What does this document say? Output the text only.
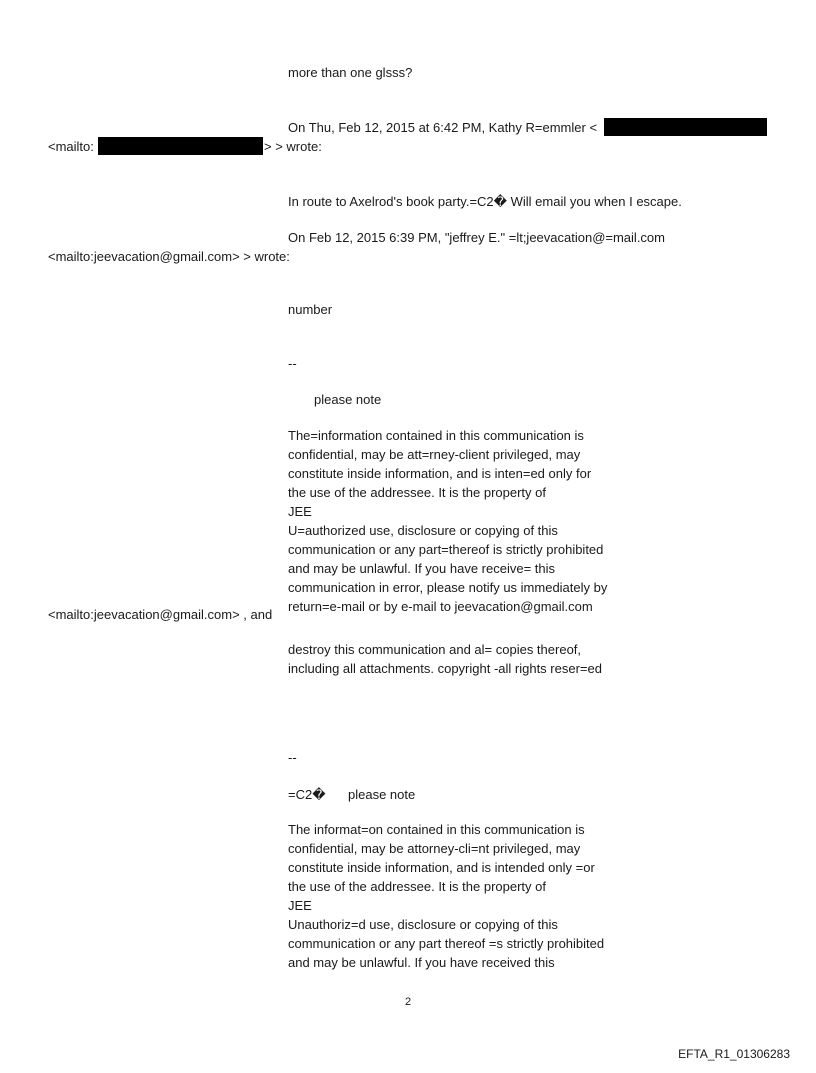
more than one glsss?

On Thu, Feb 12, 2015 at 6:42 PM, Kathy R=emmler <

<mailto:	> > wrote:

In route to Axelrod's book party.=C2� Will email you when I escape.

On Feb 12, 2015 6:39 PM, "jeffrey E." =lt;jeevacation@=mail.com

<mailto:jeevacation@gmail.com> > wrote:

number

--

please note

The=information contained in this communication is
confidential, may be att=rney-client privileged, may
constitute inside information, and is inten=ed only for
the use of the addressee. It is the property of
JEE
U=authorized use, disclosure or copying of this
communication or any part=thereof is strictly prohibited
and may be unlawful. If you have receive= this
communication in error, please notify us immediately by
return=e-mail or by e-mail to jeevacation@gmail.com

<mailto:jeevacation@gmail.com> , and

destroy this communication and al= copies thereof,
including all attachments. copyright -all rights reser=ed

--

=C2� please note

The informat=on contained in this communication is
confidential, may be attorney-cli=nt privileged, may
constitute inside information, and is intended only =or
the use of the addressee. It is the property of
JEE
Unauthoriz=d use, disclosure or copying of this
communication or any part thereof =s strictly prohibited
and may be unlawful. If you have received this
2
EFTA_R1_01306283
